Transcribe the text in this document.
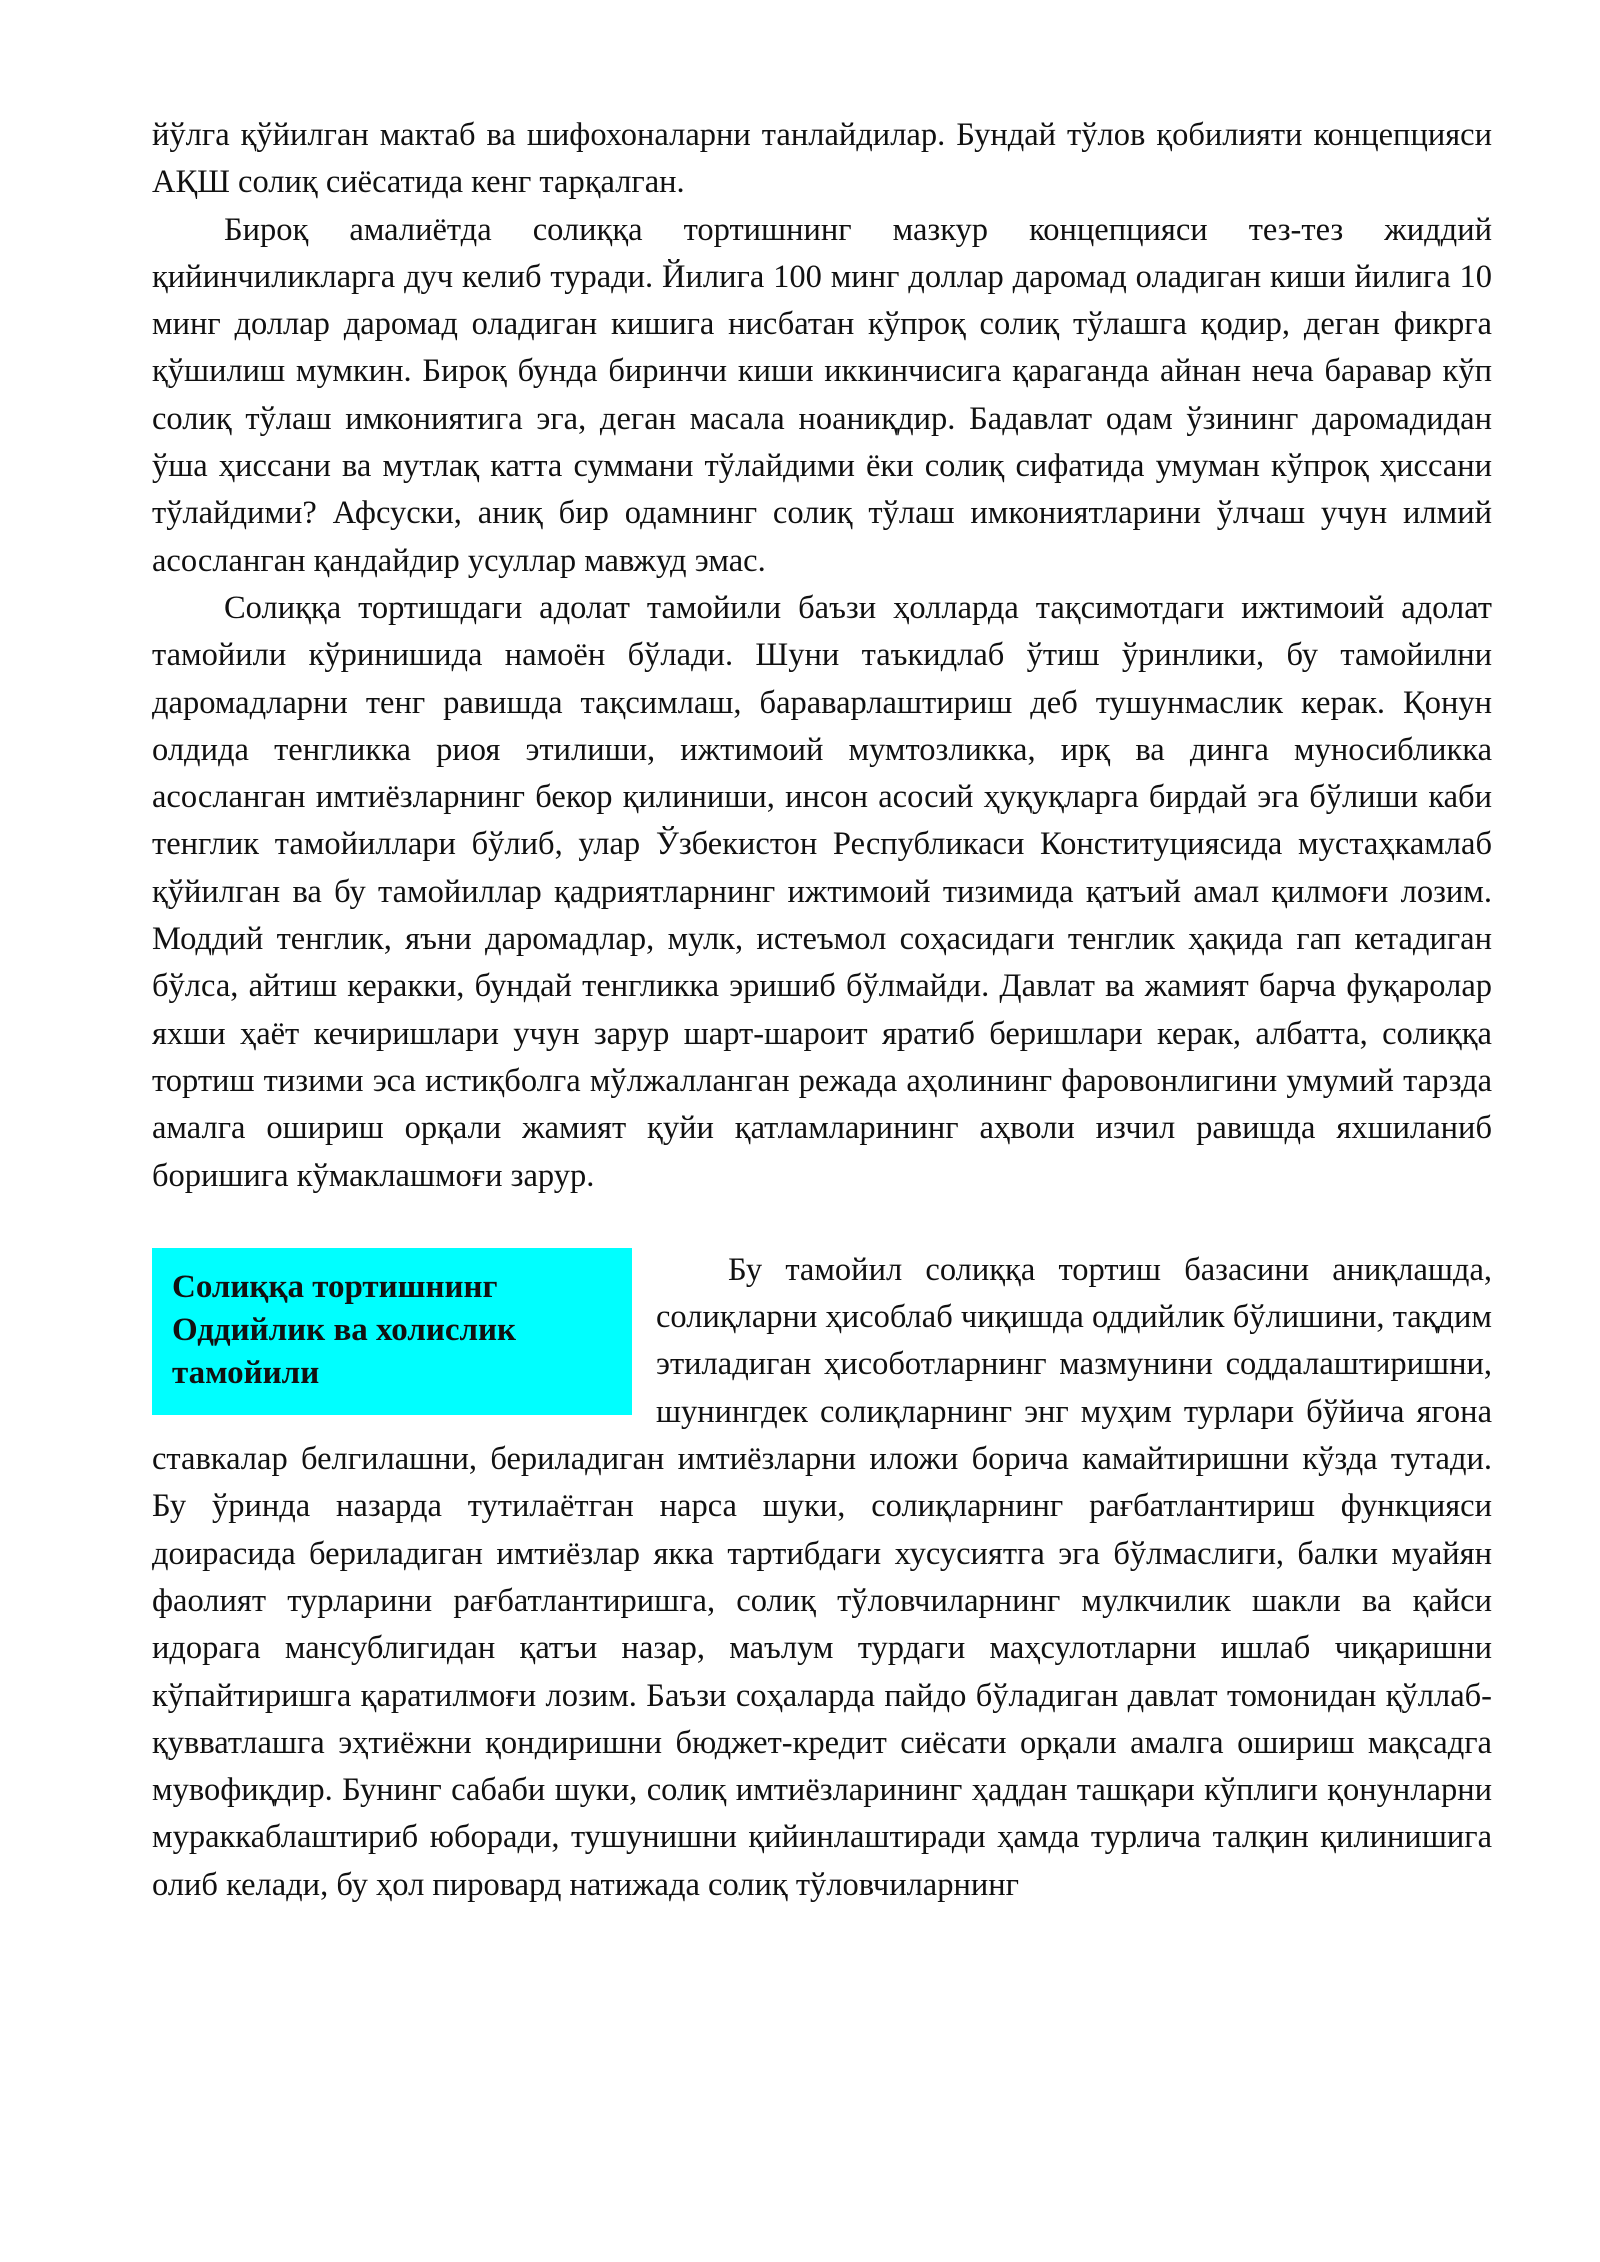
йўлга қўйилган мактаб ва шифохоналарни танлайдилар. Бундай тўлов қобилияти концепцияси АҚШ солиқ сиёсатида кенг тарқалган.

Бироқ амалиётда солиққа тортишнинг мазкур концепцияси тез-тез жиддий қийинчиликларга дуч келиб туради. Йилига 100 минг доллар даромад оладиган киши йилига 10 минг доллар даромад оладиган кишига нисбатан кўпроқ солиқ тўлашга қодир, деган фикрга қўшилиш мумкин. Бироқ бунда биринчи киши иккинчисига қараганда айнан неча баравар кўп солиқ тўлаш имкониятига эга, деган масала ноаниқдир. Бадавлат одам ўзининг даромадидан ўша ҳиссани ва мутлақ катта суммани тўлайдими ёки солиқ сифатида умуман кўпроқ ҳиссани тўлайдими? Афсуски, аниқ бир одамнинг солиқ тўлаш имкониятларини ўлчаш учун илмий асосланган қандайдир усуллар мавжуд эмас.

Солиққа тортишдаги адолат тамойили баъзи ҳолларда тақсимотдаги ижтимоий адолат тамойили кўринишида намоён бўлади. Шуни таъкидлаб ўтиш ўринлики, бу тамойилни даромадларни тенг равишда тақсимлаш, бараварлаштириш деб тушунмаслик керак. Қонун олдида тенгликка риоя этилиши, ижтимоий мумтозликка, ирқ ва динга муносибликка асосланган имтиёзларнинг бекор қилиниши, инсон асосий ҳуқуқларга бирдай эга бўлиши каби тенглик тамойиллари бўлиб, улар Ўзбекистон Республикаси Конституциясида мустаҳкамлаб қўйилган ва бу тамойиллар қадриятларнинг ижтимоий тизимида қатъий амал қилмоғи лозим. Моддий тенглик, яъни даромадлар, мулк, истеъмол соҳасидаги тенглик ҳақида гап кетадиган бўлса, айтиш керакки, бундай тенгликка эришиб бўлмайди. Давлат ва жамият барча фуқаролар яхши ҳаёт кечиришлари учун зарур шарт-шароит яратиб беришлари керак, албатта, солиққа тортиш тизими эса истиқболга мўлжалланган режада аҳолининг фаровонлигини умумий тарзда амалга ошириш орқали жамият қуйи қатламларининг аҳволи изчил равишда яхшиланиб боришига кўмаклашмоғи зарур.

Солиққа тортишнинг
Оддийлик ва холислик
тамойили

Бу тамойил солиққа тортиш базасини аниқлашда, солиқларни ҳисоблаб чиқишда оддийлик бўлишини, тақдим этиладиган ҳисоботларнинг мазмунини соддалаштиришни, шунингдек солиқларнинг энг муҳим турлари бўйича ягона ставкалар белгилашни, бериладиган имтиёзларни иложи борича камайтиришни кўзда тутади. Бу ўринда назарда тутилаётган нарса шуки, солиқларнинг рағбатлантириш функцияси доирасида бериладиган имтиёзлар якка тартибдаги хусусиятга эга бўлмаслиги, балки муайян фаолият турларини рағбатлантиришга, солиқ тўловчиларнинг мулкчилик шакли ва қайси идорага мансублигидан қатъи назар, маълум турдаги маҳсулотларни ишлаб чиқаришни кўпайтиришга қаратилмоғи лозим. Баъзи соҳаларда пайдо бўладиган давлат томонидан қўллаб-қувватлашга эҳтиёжни қондиришни бюджет-кредит сиёсати орқали амалга ошириш мақсадга мувофиқдир. Бунинг сабаби шуки, солиқ имтиёзларининг ҳаддан ташқари кўплиги қонунларни мураккаблаштириб юборади, тушунишни қийинлаштиради ҳамда турлича талқин қилинишига олиб келади, бу ҳол пировард натижада солиқ тўловчиларнинг
